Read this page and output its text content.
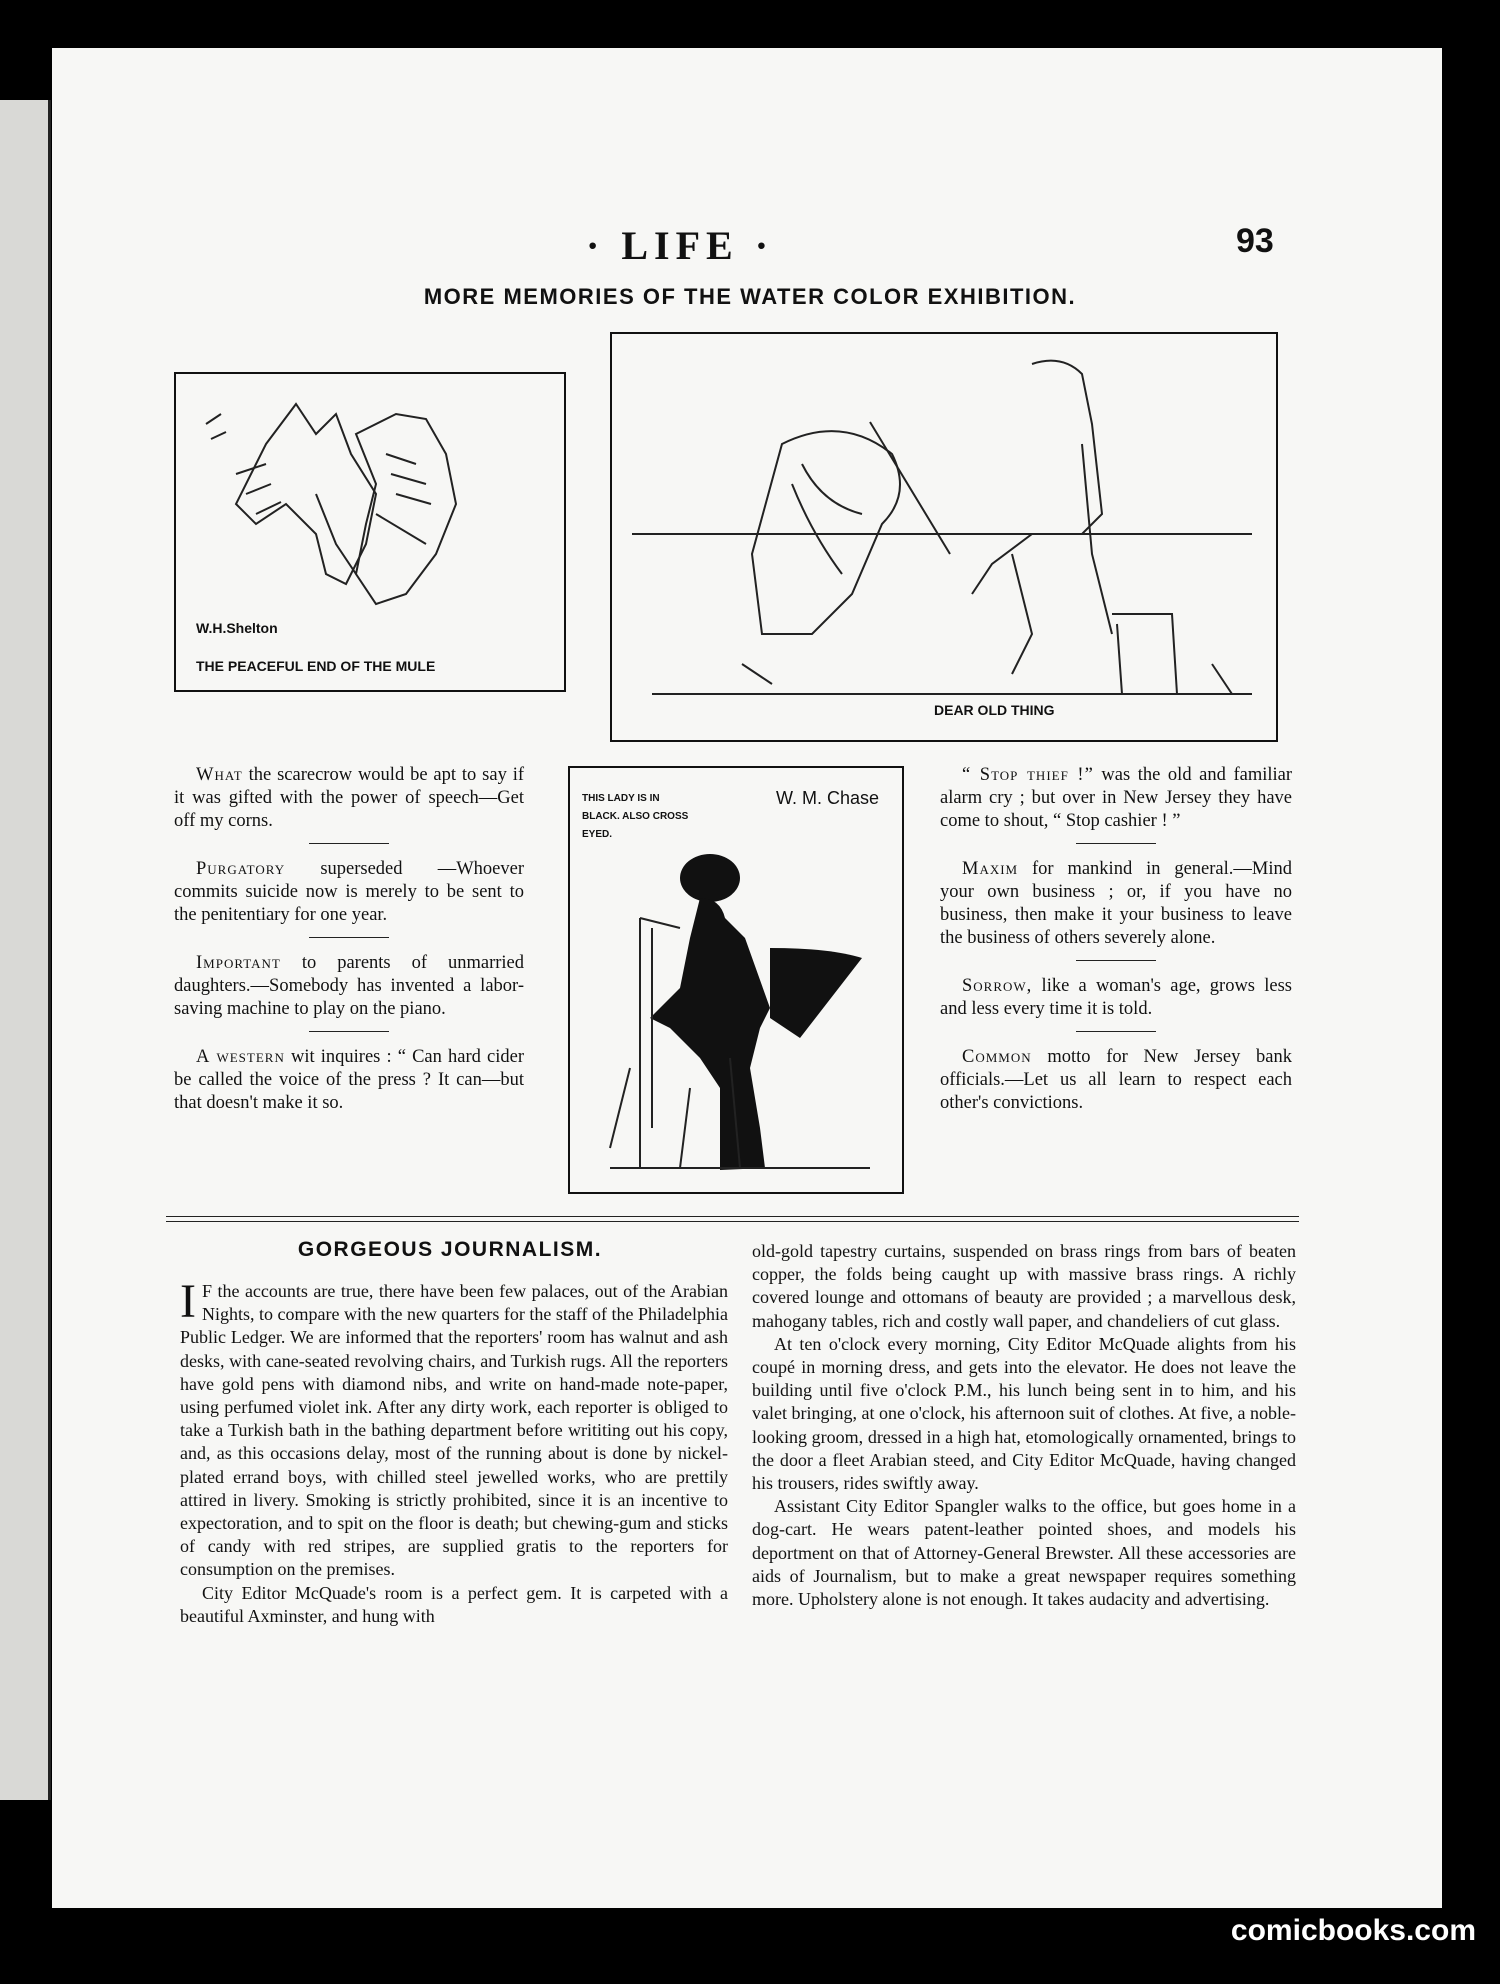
· LIFE ·	93
MORE MEMORIES OF THE WATER COLOR EXHIBITION.
W.H.Shelton
THE PEACEFUL END OF THE MULE
DEAR OLD THING

What the scarecrow would be apt to say if it was gifted with the power of speech—Get off my corns.

Purgatory superseded —Whoever commits suicide now is merely to be sent to the penitentiary for one year.

Important to parents of unmarried daughters.—Somebody has invented a labor-saving machine to play on the piano.

A western wit inquires : “ Can hard cider be called the voice of the press ? It can—but that doesn't make it so.

THIS LADY IS IN BLACK. ALSO CROSS EYED.
W. M. Chase

“ Stop thief !” was the old and familiar alarm cry ; but over in New Jersey they have come to shout, “ Stop cashier ! ”

Maxim for mankind in general.—Mind your own business ; or, if you have no business, then make it your business to leave the business of others severely alone.

Sorrow, like a woman's age, grows less and less every time it is told.

Common motto for New Jersey bank officials.—Let us all learn to respect each other's convictions.

GORGEOUS JOURNALISM.

I F the accounts are true, there have been few palaces, out of the Arabian Nights, to compare with the new quarters for the staff of the Philadelphia Public Ledger. We are informed that the reporters' room has walnut and ash desks, with cane-seated revolving chairs, and Turkish rugs. All the reporters have gold pens with diamond nibs, and write on hand-made note-paper, using perfumed violet ink. After any dirty work, each reporter is obliged to take a Turkish bath in the bathing department before writiting out his copy, and, as this occasions delay, most of the running about is done by nickel-plated errand boys, with chilled steel jewelled works, who are prettily attired in livery. Smoking is strictly prohibited, since it is an incentive to expectoration, and to spit on the floor is death; but chewing-gum and sticks of candy with red stripes, are supplied gratis to the reporters for consumption on the premises.

City Editor McQuade's room is a perfect gem. It is carpeted with a beautiful Axminster, and hung with

old-gold tapestry curtains, suspended on brass rings from bars of beaten copper, the folds being caught up with massive brass rings. A richly covered lounge and ottomans of beauty are provided ; a marvellous desk, mahogany tables, rich and costly wall paper, and chandeliers of cut glass.

At ten o'clock every morning, City Editor McQuade alights from his coupé in morning dress, and gets into the elevator. He does not leave the building until five o'clock P.M., his lunch being sent in to him, and his valet bringing, at one o'clock, his afternoon suit of clothes. At five, a noble-looking groom, dressed in a high hat, etomologically ornamented, brings to the door a fleet Arabian steed, and City Editor McQuade, having changed his trousers, rides swiftly away.

Assistant City Editor Spangler walks to the office, but goes home in a dog-cart. He wears patent-leather pointed shoes, and models his deportment on that of Attorney-General Brewster. All these accessories are aids of Journalism, but to make a great newspaper requires something more. Upholstery alone is not enough. It takes audacity and advertising.

comicbooks.com
